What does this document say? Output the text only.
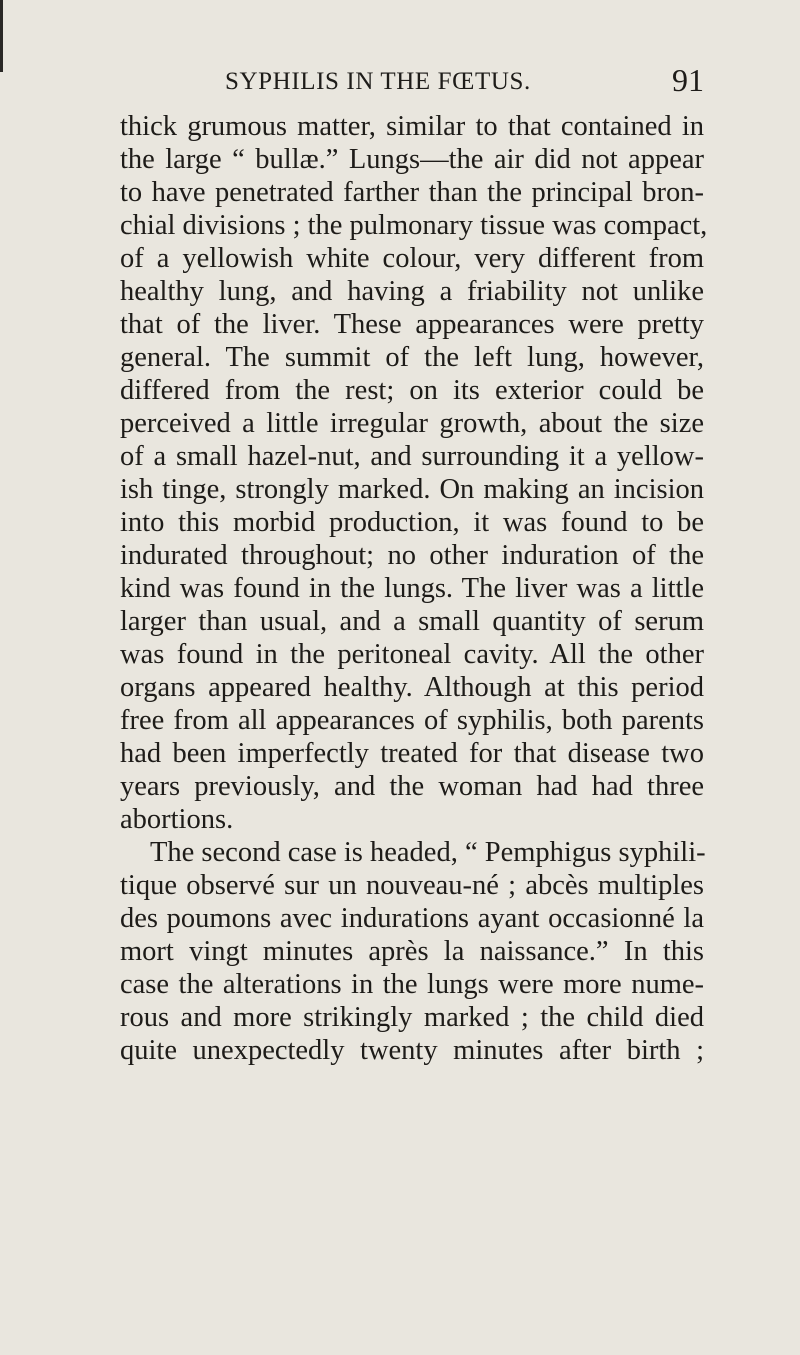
SYPHILIS IN THE FŒTUS.	91
thick grumous matter, similar to that contained in
the large “ bullæ.” Lungs—the air did not appear
to have penetrated farther than the principal bron-
chial divisions ; the pulmonary tissue was compact,
of a yellowish white colour, very different from
healthy lung, and having a friability not unlike
that of the liver. These appearances were pretty
general. The summit of the left lung, however,
differed from the rest; on its exterior could be
perceived a little irregular growth, about the size
of a small hazel-nut, and surrounding it a yellow-
ish tinge, strongly marked. On making an incision
into this morbid production, it was found to be
indurated throughout; no other induration of the
kind was found in the lungs. The liver was a little
larger than usual, and a small quantity of serum
was found in the peritoneal cavity. All the other
organs appeared healthy. Although at this period
free from all appearances of syphilis, both parents
had been imperfectly treated for that disease two
years previously, and the woman had had three
abortions.
The second case is headed, “ Pemphigus syphili-
tique observé sur un nouveau-né ; abcès multiples
des poumons avec indurations ayant occasionné la
mort vingt minutes après la naissance.” In this
case the alterations in the lungs were more nume-
rous and more strikingly marked ; the child died
quite unexpectedly twenty minutes after birth ;
